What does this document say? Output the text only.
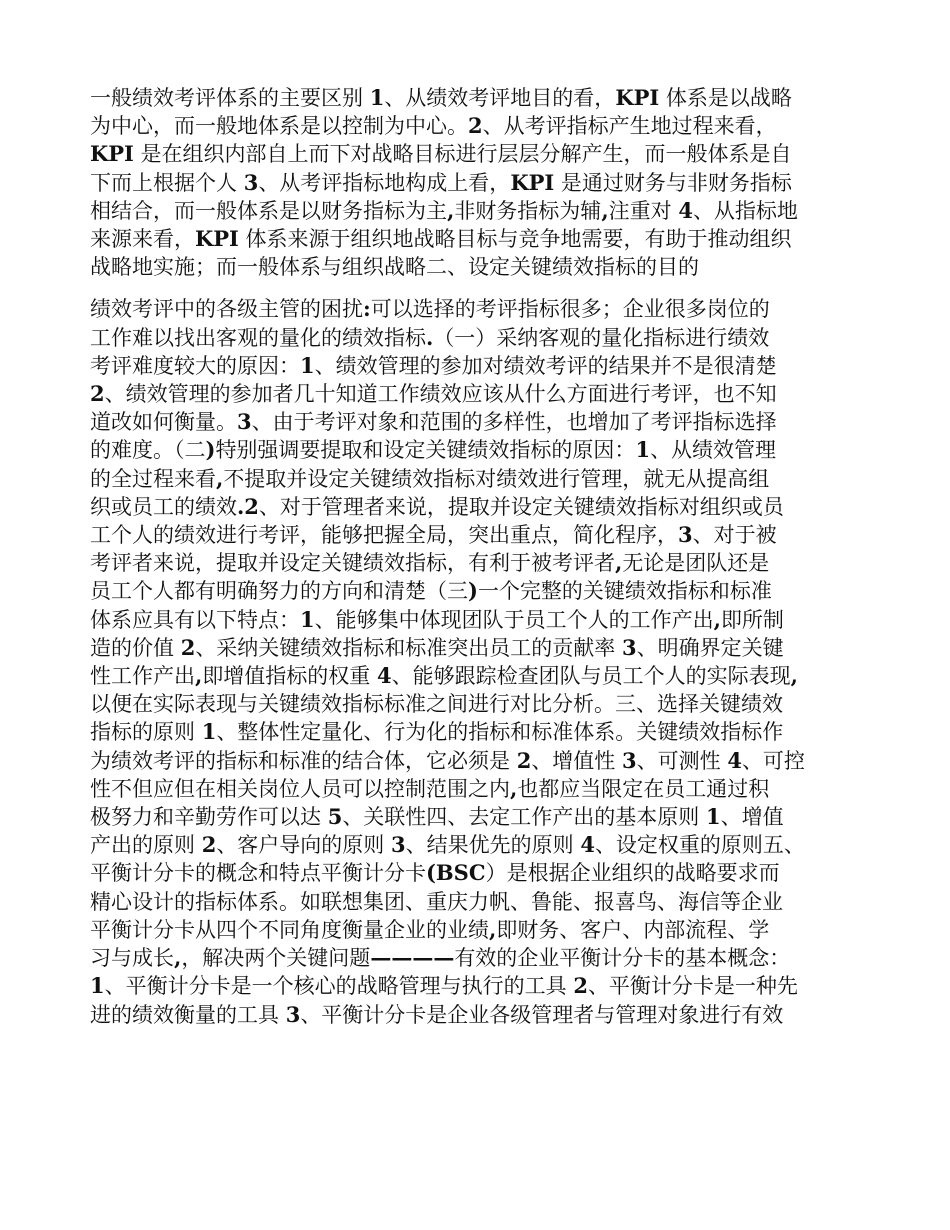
一般绩效考评体系的主要区别 1、从绩效考评地目的看，KPI 体系是以战略
为中心，而一般地体系是以控制为中心。2、从考评指标产生地过程来看，
KPI 是在组织内部自上而下对战略目标进行层层分解产生，而一般体系是自
下而上根据个人 3、从考评指标地构成上看，KPI 是通过财务与非财务指标
相结合，而一般体系是以财务指标为主,非财务指标为辅,注重对 4、从指标地
来源来看，KPI 体系来源于组织地战略目标与竞争地需要，有助于推动组织
战略地实施；而一般体系与组织战略二、设定关键绩效指标的目的

绩效考评中的各级主管的困扰:可以选择的考评指标很多；企业很多岗位的
工作难以找出客观的量化的绩效指标.（一）采纳客观的量化指标进行绩效
考评难度较大的原因：1、绩效管理的参加对绩效考评的结果并不是很清楚
2、绩效管理的参加者几十知道工作绩效应该从什么方面进行考评，也不知
道改如何衡量。3、由于考评对象和范围的多样性，也增加了考评指标选择
的难度。（二)特别强调要提取和设定关键绩效指标的原因：1、从绩效管理
的全过程来看,不提取并设定关键绩效指标对绩效进行管理，就无从提高组
织或员工的绩效.2、对于管理者来说，提取并设定关键绩效指标对组织或员
工个人的绩效进行考评，能够把握全局，突出重点，简化程序，3、对于被
考评者来说，提取并设定关键绩效指标，有利于被考评者,无论是团队还是
员工个人都有明确努力的方向和清楚（三)一个完整的关键绩效指标和标准
体系应具有以下特点：1、能够集中体现团队于员工个人的工作产出,即所制
造的价值 2、采纳关键绩效指标和标准突出员工的贡献率 3、明确界定关键
性工作产出,即增值指标的权重 4、能够跟踪检查团队与员工个人的实际表现,
以便在实际表现与关键绩效指标标准之间进行对比分析。三、选择关键绩效
指标的原则 1、整体性定量化、行为化的指标和标准体系。关键绩效指标作
为绩效考评的指标和标准的结合体，它必须是 2、增值性 3、可测性 4、可控
性不但应但在相关岗位人员可以控制范围之内,也都应当限定在员工通过积
极努力和辛勤劳作可以达 5、关联性四、去定工作产出的基本原则 1、增值
产出的原则 2、客户导向的原则 3、结果优先的原则 4、设定权重的原则五、
平衡计分卡的概念和特点平衡计分卡(BSC）是根据企业组织的战略要求而
精心设计的指标体系。如联想集团、重庆力帆、鲁能、报喜鸟、海信等企业
平衡计分卡从四个不同角度衡量企业的业绩,即财务、客户、内部流程、学
习与成长,，解决两个关键问题————有效的企业平衡计分卡的基本概念：
1、平衡计分卡是一个核心的战略管理与执行的工具 2、平衡计分卡是一种先
进的绩效衡量的工具 3、平衡计分卡是企业各级管理者与管理对象进行有效
